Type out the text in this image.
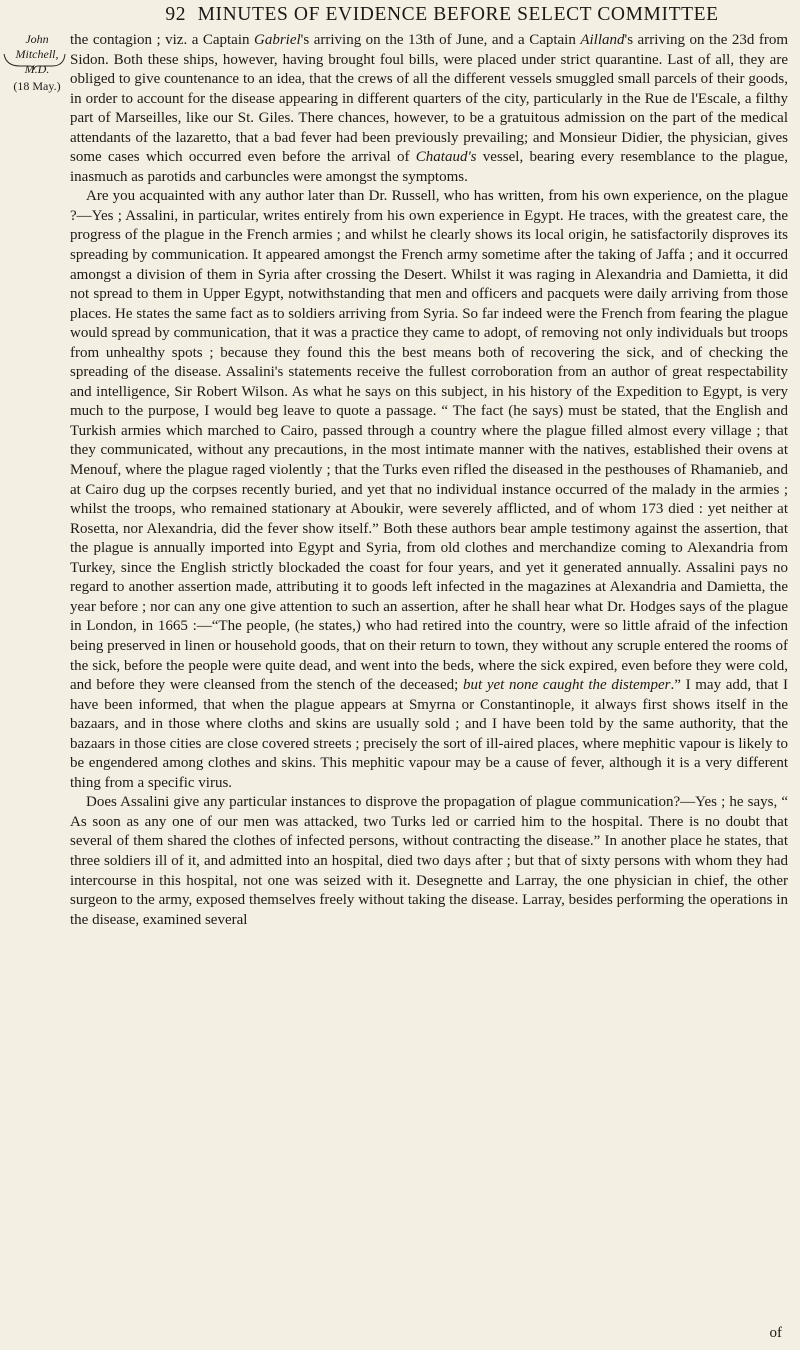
92 MINUTES OF EVIDENCE BEFORE SELECT COMMITTEE
John Mitchell, M.D.
(18 May.)

the contagion ; viz. a Captain Gabriel's arriving on the 13th of June, and a Captain Ailland's arriving on the 23d from Sidon. Both these ships, however, having brought foul bills, were placed under strict quarantine. Last of all, they are obliged to give countenance to an idea, that the crews of all the different vessels smuggled small parcels of their goods, in order to account for the disease appearing in different quarters of the city, particularly in the Rue de l'Escale, a filthy part of Marseilles, like our St. Giles. There chances, however, to be a gratuitous admission on the part of the medical attendants of the lazaretto, that a bad fever had been previously prevailing; and Monsieur Didier, the physician, gives some cases which occurred even before the arrival of Chataud's vessel, bearing every resemblance to the plague, inasmuch as parotids and carbuncles were amongst the symptoms.

Are you acquainted with any author later than Dr. Russell, who has written, from his own experience, on the plague ?—Yes ; Assalini, in particular, writes entirely from his own experience in Egypt. He traces, with the greatest care, the progress of the plague in the French armies ; and whilst he clearly shows its local origin, he satisfactorily disproves its spreading by communication. It appeared amongst the French army sometime after the taking of Jaffa ; and it occurred amongst a division of them in Syria after crossing the Desert. Whilst it was raging in Alexandria and Damietta, it did not spread to them in Upper Egypt, notwithstanding that men and officers and pacquets were daily arriving from those places. He states the same fact as to soldiers arriving from Syria. So far indeed were the French from fearing the plague would spread by communication, that it was a practice they came to adopt, of removing not only individuals but troops from unhealthy spots ; because they found this the best means both of recovering the sick, and of checking the spreading of the disease. Assalini's statements receive the fullest corroboration from an author of great respectability and intelligence, Sir Robert Wilson. As what he says on this subject, in his history of the Expedition to Egypt, is very much to the purpose, I would beg leave to quote a passage. “ The fact (he says) must be stated, that the English and Turkish armies which marched to Cairo, passed through a country where the plague filled almost every village ; that they communicated, without any precautions, in the most intimate manner with the natives, established their ovens at Menouf, where the plague raged violently ; that the Turks even rifled the diseased in the pesthouses of Rhamanieb, and at Cairo dug up the corpses recently buried, and yet that no individual instance occurred of the malady in the armies ; whilst the troops, who remained stationary at Aboukir, were severely afflicted, and of whom 173 died : yet neither at Rosetta, nor Alexandria, did the fever show itself.” Both these authors bear ample testimony against the assertion, that the plague is annually imported into Egypt and Syria, from old clothes and merchandize coming to Alexandria from Turkey, since the English strictly blockaded the coast for four years, and yet it generated annually. Assalini pays no regard to another assertion made, attributing it to goods left infected in the magazines at Alexandria and Damietta, the year before ; nor can any one give attention to such an assertion, after he shall hear what Dr. Hodges says of the plague in London, in 1665 :—“The people, (he states,) who had retired into the country, were so little afraid of the infection being preserved in linen or household goods, that on their return to town, they without any scruple entered the rooms of the sick, before the people were quite dead, and went into the beds, where the sick expired, even before they were cold, and before they were cleansed from the stench of the deceased; but yet none caught the distemper.” I may add, that I have been informed, that when the plague appears at Smyrna or Constantinople, it always first shows itself in the bazaars, and in those where cloths and skins are usually sold ; and I have been told by the same authority, that the bazaars in those cities are close covered streets ; precisely the sort of ill-aired places, where mephitic vapour is likely to be engendered among clothes and skins. This mephitic vapour may be a cause of fever, although it is a very different thing from a specific virus.

Does Assalini give any particular instances to disprove the propagation of plague communication?—Yes ; he says, “ As soon as any one of our men was attacked, two Turks led or carried him to the hospital. There is no doubt that several of them shared the clothes of infected persons, without contracting the disease.” In another place he states, that three soldiers ill of it, and admitted into an hospital, died two days after ; but that of sixty persons with whom they had intercourse in this hospital, not one was seized with it. Desegnette and Larray, the one physician in chief, the other surgeon to the army, exposed themselves freely without taking the disease. Larray, besides performing the operations in the disease, examined several

of
